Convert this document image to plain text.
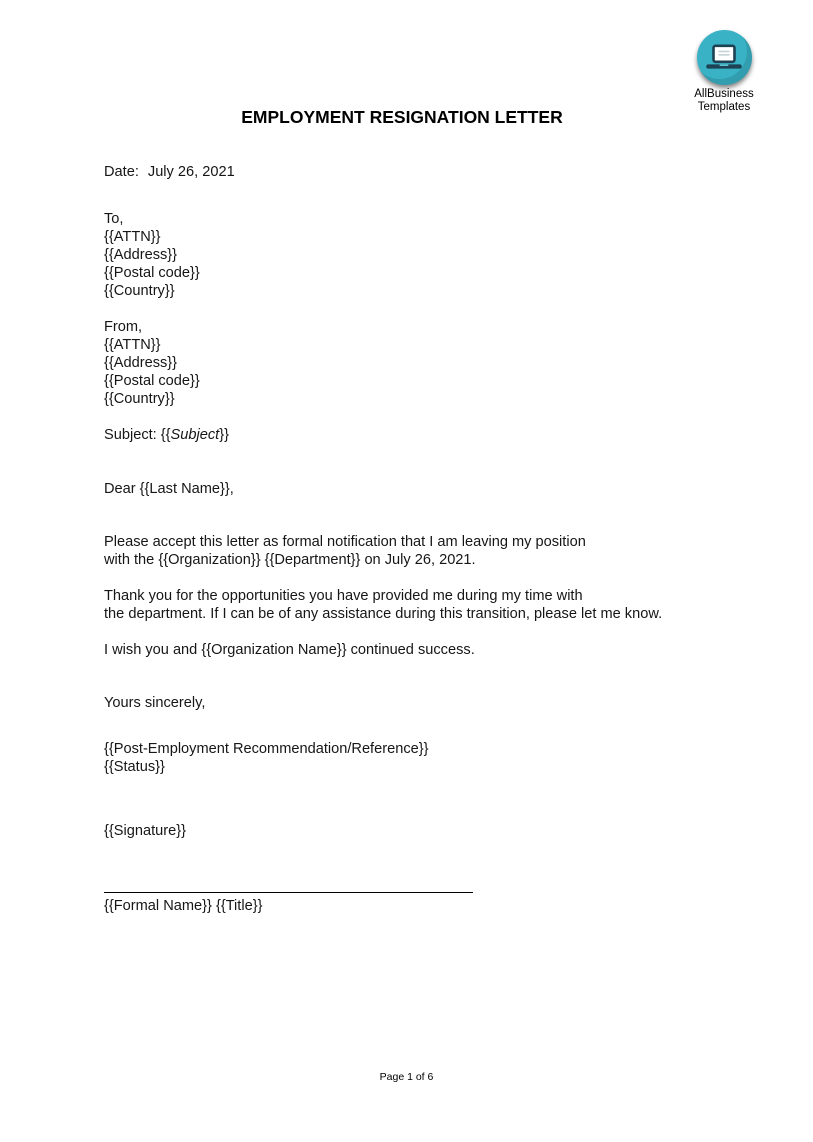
AllBusiness
Templates
EMPLOYMENT RESIGNATION LETTER
Date: July 26, 2021
To,
{{ATTN}}
{{Address}}
{{Postal code}}
{{Country}}
From,
{{ATTN}}
{{Address}}
{{Postal code}}
{{Country}}
Subject: {{Subject}}
Dear {{Last Name}},
Please accept this letter as formal notification that I am leaving my position
with the {{Organization}} {{Department}} on July 26, 2021.
Thank you for the opportunities you have provided me during my time with
the department. If I can be of any assistance during this transition, please let me know.
I wish you and {{Organization Name}} continued success.
Yours sincerely,
{{Post-Employment Recommendation/Reference}}
{{Status}}
{{Signature}}
{{Formal Name}} {{Title}}
Page 1 of 6
